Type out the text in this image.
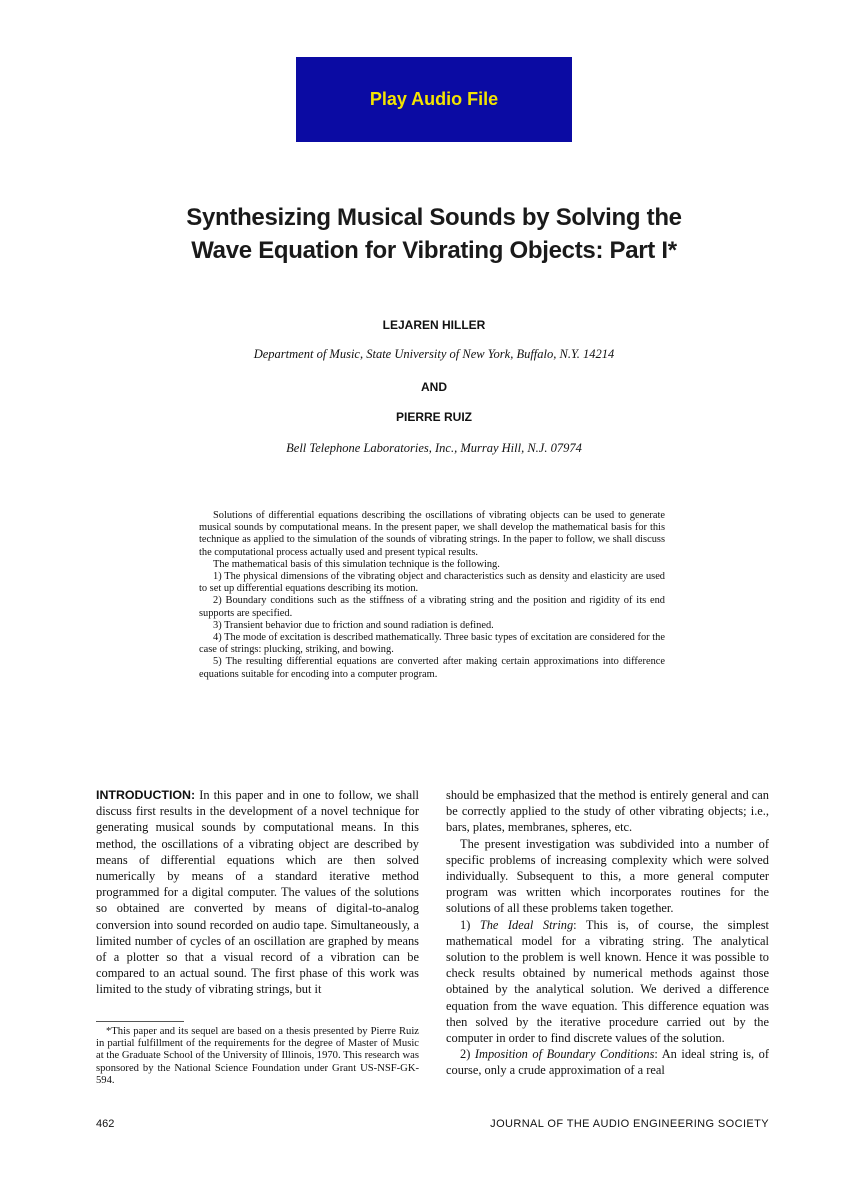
Play Audio File
Synthesizing Musical Sounds by Solving the
Wave Equation for Vibrating Objects: Part I*
LEJAREN HILLER
Department of Music, State University of New York, Buffalo, N.Y. 14214
AND
PIERRE RUIZ
Bell Telephone Laboratories, Inc., Murray Hill, N.J. 07974

Solutions of differential equations describing the oscillations of vibrating objects can be used to generate musical sounds by computational means. In the present paper, we shall develop the mathematical basis for this technique as applied to the simulation of the sounds of vibrating strings. In the paper to follow, we shall discuss the computational process actually used and present typical results.

The mathematical basis of this simulation technique is the following.

1) The physical dimensions of the vibrating object and characteristics such as density and elasticity are used to set up differential equations describing its motion.

2) Boundary conditions such as the stiffness of a vibrating string and the position and rigidity of its end supports are specified.

3) Transient behavior due to friction and sound radiation is defined.

4) The mode of excitation is described mathematically. Three basic types of excitation are considered for the case of strings: plucking, striking, and bowing.

5) The resulting differential equations are converted after making certain approximations into difference equations suitable for encoding into a computer program.

INTRODUCTION: In this paper and in one to follow, we shall discuss first results in the development of a novel technique for generating musical sounds by computational means. In this method, the oscillations of a vibrating object are described by means of differential equations which are then solved numerically by means of a standard iterative method programmed for a digital computer. The values of the solutions so obtained are converted by means of digital-to-analog conversion into sound recorded on audio tape. Simultaneously, a limited number of cycles of an oscillation are graphed by means of a plotter so that a visual record of a vibration can be compared to an actual sound. The first phase of this work was limited to the study of vibrating strings, but it

should be emphasized that the method is entirely general and can be correctly applied to the study of other vibrating objects; i.e., bars, plates, membranes, spheres, etc.

The present investigation was subdivided into a number of specific problems of increasing complexity which were solved individually. Subsequent to this, a more general computer program was written which incorporates routines for the solutions of all these problems taken together.

1) The Ideal String: This is, of course, the simplest mathematical model for a vibrating string. The analytical solution to the problem is well known. Hence it was possible to check results obtained by numerical methods against those obtained by the analytical solution. We derived a difference equation from the wave equation. This difference equation was then solved by the iterative procedure carried out by the computer in order to find discrete values of the solution.

2) Imposition of Boundary Conditions: An ideal string is, of course, only a crude approximation of a real

*This paper and its sequel are based on a thesis presented by Pierre Ruiz in partial fulfillment of the requirements for the degree of Master of Music at the Graduate School of the University of Illinois, 1970. This research was sponsored by the National Science Foundation under Grant US-NSF-GK-594.

462	JOURNAL OF THE AUDIO ENGINEERING SOCIETY
